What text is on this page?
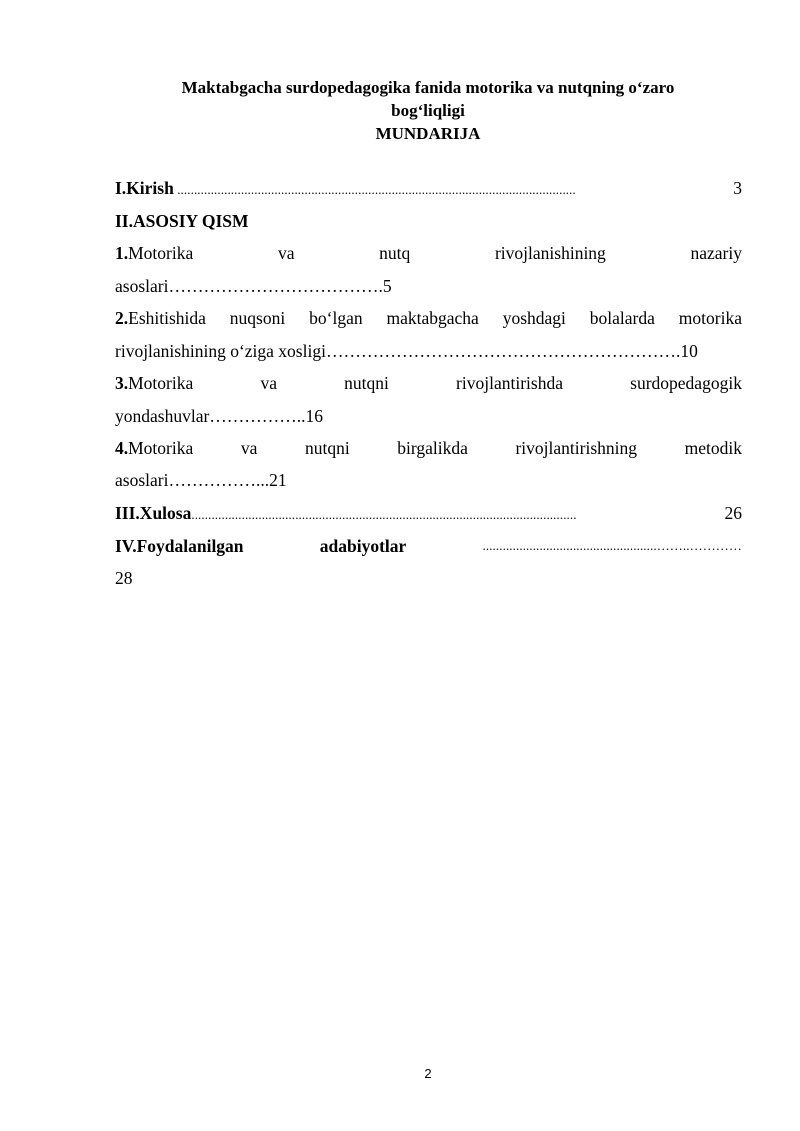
Maktabgacha surdopedagogika fanida motorika va nutqning o‘zaro
bog‘liqligi
MUNDARIJA
I.Kirish .......................................................................................................................	3
II.ASOSIY QISM
1.Motorika	va	nutq	rivojlanishining	nazariy
asoslari……………………………….5
2.Eshitishida nuqsoni bo‘lgan maktabgacha yoshdagi bolalarda motorika
rivojlanishining o‘ziga xosligi…………………………………………………….10
3.Motorika	va	nutqni	rivojlantirishda	surdopedagogik
yondashuvlar……………..16
4.Motorika	va	nutqni	birgalikda	rivojlantirishning	metodik
asoslari……………...21
III.Xulosa...................................................................................................................	26
IV.Foydalanilgan	adabiyotlar	....................................................……..…………
28
2
